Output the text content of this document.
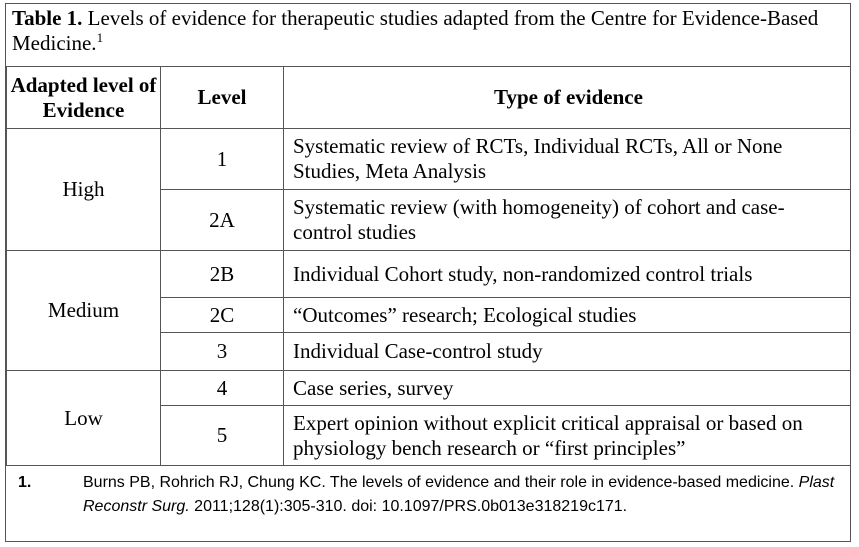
Table 1. Levels of evidence for therapeutic studies adapted from the Centre for Evidence-Based Medicine.$^1$
Adapted level of Evidence	Level	Type of evidence
High	1	Systematic review of RCTs, Individual RCTs, All or None Studies, Meta Analysis
	2A	Systematic review (with homogeneity) of cohort and case-control studies
Medium	2B	Individual Cohort study, non-randomized control trials
	2C	“Outcomes” research; Ecological studies
	3	Individual Case-control study
Low	4	Case series, survey
	5	Expert opinion without explicit critical appraisal or based on physiology bench research or “first principles”
1.	Burns PB, Rohrich RJ, Chung KC. The levels of evidence and their role in evidence-based medicine. Plast Reconstr Surg. 2011;128(1):305-310. doi: 10.1097/PRS.0b013e318219c171.
